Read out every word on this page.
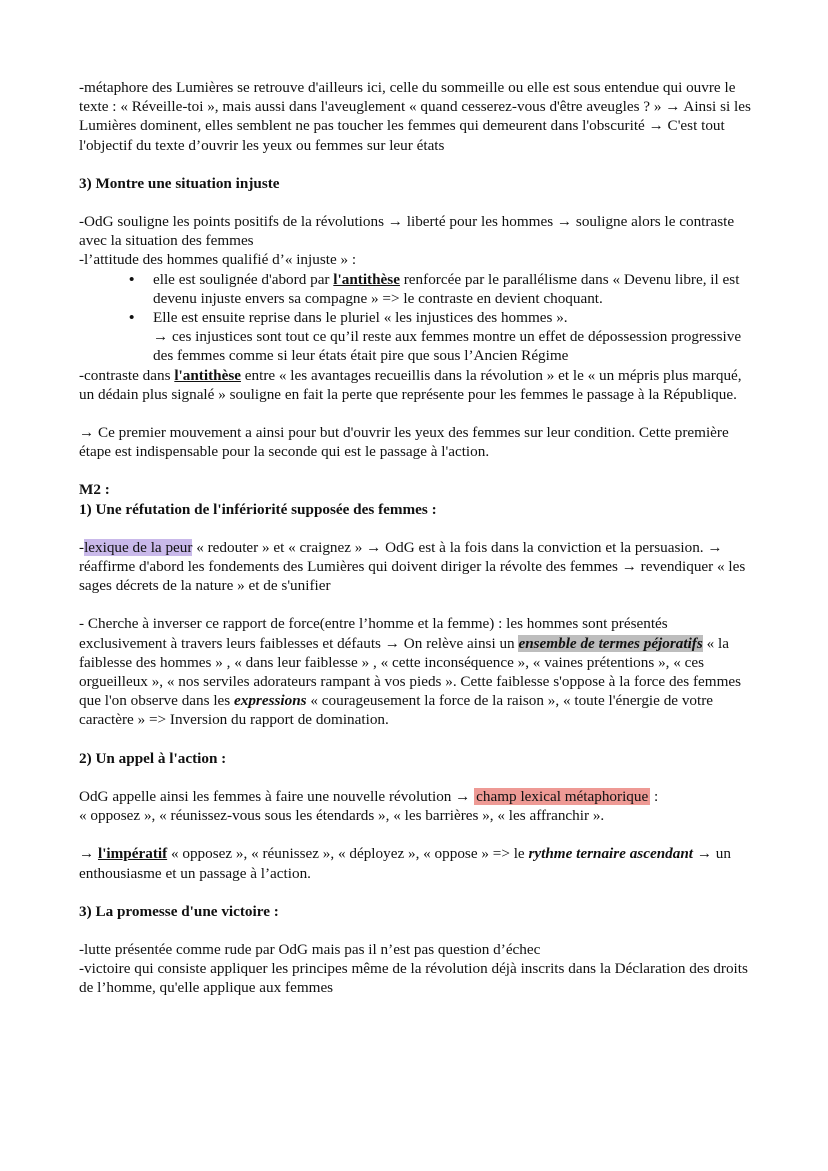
-métaphore des Lumières se retrouve d'ailleurs ici, celle du sommeille ou elle est sous entendue qui ouvre le texte : « Réveille-toi », mais aussi dans l'aveuglement « quand cesserez-vous d'être aveugles ? » → Ainsi si les Lumières dominent, elles semblent ne pas toucher les femmes qui demeurent dans l'obscurité → C'est tout l'objectif du texte d’ouvrir les yeux ou femmes sur leur états

3) Montre une situation injuste

-OdG souligne les points positifs de la révolutions → liberté pour les hommes → souligne alors le contraste avec la situation des femmes

-l’attitude des hommes qualifié d’« injuste » :

• elle est soulignée d'abord par l'antithèse renforcée par le parallélisme dans « Devenu libre, il est devenu injuste envers sa compagne » => le contraste en devient choquant.
• Elle est ensuite reprise dans le pluriel « les injustices des hommes ».

→ ces injustices sont tout ce qu’il reste aux femmes montre un effet de dépossession progressive des femmes comme si leur états était pire que sous l’Ancien Régime

-contraste dans l'antithèse entre « les avantages recueillis dans la révolution » et le « un mépris plus marqué, un dédain plus signalé » souligne en fait la perte que représente pour les femmes le passage à la République.

→ Ce premier mouvement a ainsi pour but d'ouvrir les yeux des femmes sur leur condition. Cette première étape est indispensable pour la seconde qui est le passage à l'action.

M2 :

1) Une réfutation de l'infériorité supposée des femmes :

-lexique de la peur « redouter » et « craignez » → OdG est à la fois dans la conviction et la persuasion. → réaffirme d'abord les fondements des Lumières qui doivent diriger la révolte des femmes → revendiquer « les sages décrets de la nature » et de s'unifier

- Cherche à inverser ce rapport de force(entre l’homme et la femme) : les hommes sont présentés exclusivement à travers leurs faiblesses et défauts → On relève ainsi un ensemble de termes péjoratifs « la faiblesse des hommes » , « dans leur faiblesse » , « cette inconséquence », « vaines prétentions », « ces orgueilleux », « nos serviles adorateurs rampant à vos pieds ». Cette faiblesse s'oppose à la force des femmes que l'on observe dans les expressions « courageusement la force de la raison », « toute l'énergie de votre caractère » => Inversion du rapport de domination.

2) Un appel à l'action :

OdG appelle ainsi les femmes à faire une nouvelle révolution → champ lexical métaphorique :

« opposez », « réunissez-vous sous les étendards », « les barrières », « les affranchir ».

→ l'impératif « opposez », « réunissez », « déployez », « oppose » => le rythme ternaire ascendant → un enthousiasme et un passage à l’action.

3) La promesse d'une victoire :

-lutte présentée comme rude par OdG mais pas il n’est pas question d’échec

-victoire qui consiste appliquer les principes même de la révolution déjà inscrits dans la Déclaration des droits de l’homme, qu'elle applique aux femmes
